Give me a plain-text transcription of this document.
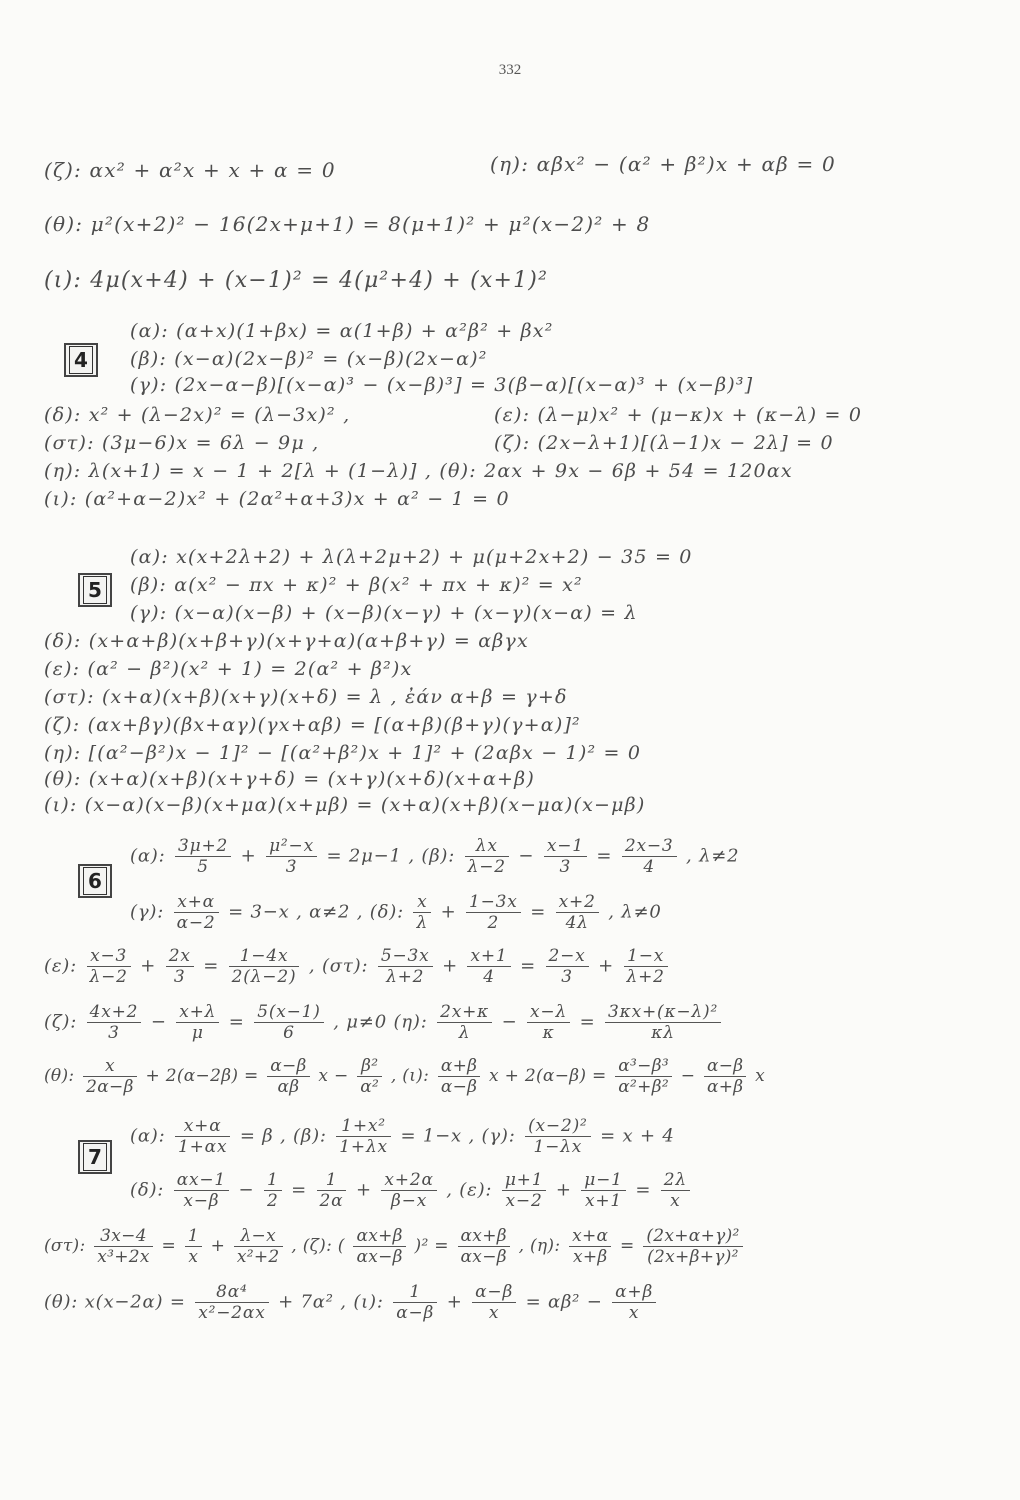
332
(ζ): αx² + α²x + x + α = 0	(η): αβx² − (α² + β²)x + αβ = 0
(θ): μ²(x+2)² − 16(2x+μ+1) = 8(μ+1)² + μ²(x−2)² + 8
(ι): 4μ(x+4) + (x−1)² = 4(μ²+4) + (x+1)²
4
(α): (α+x)(1+βx) = α(1+β) + α²β² + βx²
(β): (x−α)(2x−β)² = (x−β)(2x−α)²
(γ): (2x−α−β)[(x−α)³ − (x−β)³] = 3(β−α)[(x−α)³ + (x−β)³]
(δ): x² + (λ−2x)² = (λ−3x)² ,	(ε): (λ−μ)x² + (μ−κ)x + (κ−λ) = 0
(στ): (3μ−6)x = 6λ − 9μ ,	(ζ): (2x−λ+1)[(λ−1)x − 2λ] = 0
(η): λ(x+1) = x − 1 + 2[λ + (1−λ)] , (θ): 2αx + 9x − 6β + 54 = 120αx
(ι): (α²+α−2)x² + (2α²+α+3)x + α² − 1 = 0
5
(α): x(x+2λ+2) + λ(λ+2μ+2) + μ(μ+2x+2) − 35 = 0
(β): α(x² − πx + κ)² + β(x² + πx + κ)² = x²
(γ): (x−α)(x−β) + (x−β)(x−γ) + (x−γ)(x−α) = λ
(δ): (x+α+β)(x+β+γ)(x+γ+α)(α+β+γ) = αβγx
(ε): (α² − β²)(x² + 1) = 2(α² + β²)x
(στ): (x+α)(x+β)(x+γ)(x+δ) = λ , ἐάν α+β = γ+δ
(ζ): (αx+βγ)(βx+αγ)(γx+αβ) = [(α+β)(β+γ)(γ+α)]²
(η): [(α²−β²)x − 1]² − [(α²+β²)x + 1]² + (2αβx − 1)² = 0
(θ): (x+α)(x+β)(x+γ+δ) = (x+γ)(x+δ)(x+α+β)
(ι): (x−α)(x−β)(x+μα)(x+μβ) = (x+α)(x+β)(x−μα)(x−μβ)
6
(α): $\frac{3\mu+2}{5} + \frac{\text{μ²−x}}{3} = 2\mu-1$ , (β): $\frac{\lambda x}{\lambda-2} - \frac{x-1}{3} = \frac{2x-3}{4}$ , λ≠2
(γ): $\frac{x+\alpha}{\alpha-2} = 3-x$ , α≠2 , (δ): $\frac{x}{\lambda} + \frac{1-3x}{2} = \frac{x+2}{4\lambda}$ , λ≠0
(ε): $\frac{x-3}{\lambda-2} + \frac{2x}{3} = \frac{1-4x}{2(\lambda-2)}$ , (στ): $\frac{5-3x}{\lambda+2} + \frac{x+1}{4} = \frac{2-x}{3} + \frac{1-x}{\lambda+2}$
(ζ): $\frac{4x+2}{3} - \frac{x+\lambda}{\mu} = \frac{5(x-1)}{6}$ , μ≠0 (η): $\frac{2x+\kappa}{\lambda} - \frac{x-\lambda}{\kappa} = \frac{\text{3κx+(κ−λ)²}}{\kappa\lambda}$
(θ): $\frac{x}{2\alpha-\beta} + 2(\alpha-2\beta) = \frac{\alpha-\beta}{\alpha\beta}$ $x - \frac{\text{β²}}{\text{α²}}$ , (ι): $\frac{\alpha+\beta}{\alpha-\beta}$ $x + 2(\alpha-\beta) = \frac{\text{α³−β³}}{\text{α²+β²}} - \frac{\alpha-\beta}{\alpha+\beta}$ x
7
(α): $\frac{x+\alpha}{1+\alpha x} = \beta$ , (β): $\frac{\text{1+x²}}{1+\lambda x} = 1-x$ , (γ): $\frac{\text{(x−2)²}}{1-\lambda x} = x + 4$
(δ): $\frac{\alpha x-1}{x-\beta} - \frac{1}{2} = \frac{1}{2\alpha} + \frac{x+2\alpha}{\beta-x}$ , (ε): $\frac{\mu+1}{x-2} + \frac{\mu-1}{x+1} = \frac{2\lambda}{x}$
(στ): $\frac{3x-4}{\text{x³+2x}} = \frac{1}{x} + \frac{\lambda-x}{\text{x²+2}}$ , (ζ): ( $\frac{\alpha x+\beta}{\alpha x-\beta} )^2 = \frac{\alpha x+\beta}{\alpha x-\beta}$ , (η): $\frac{x+\alpha}{x+\beta} = \frac{\text{(2x+α+γ)²}}{\text{(2x+β+γ)²}}$
(θ): $x(x-2\alpha) = \frac{\text{8α⁴}}{\text{x²−2αx}} + 7\alpha^2$ , (ι): $\frac{1}{\alpha-\beta} + \frac{\alpha-\beta}{x} = \alpha\beta^2 - \frac{\alpha+\beta}{x}$
